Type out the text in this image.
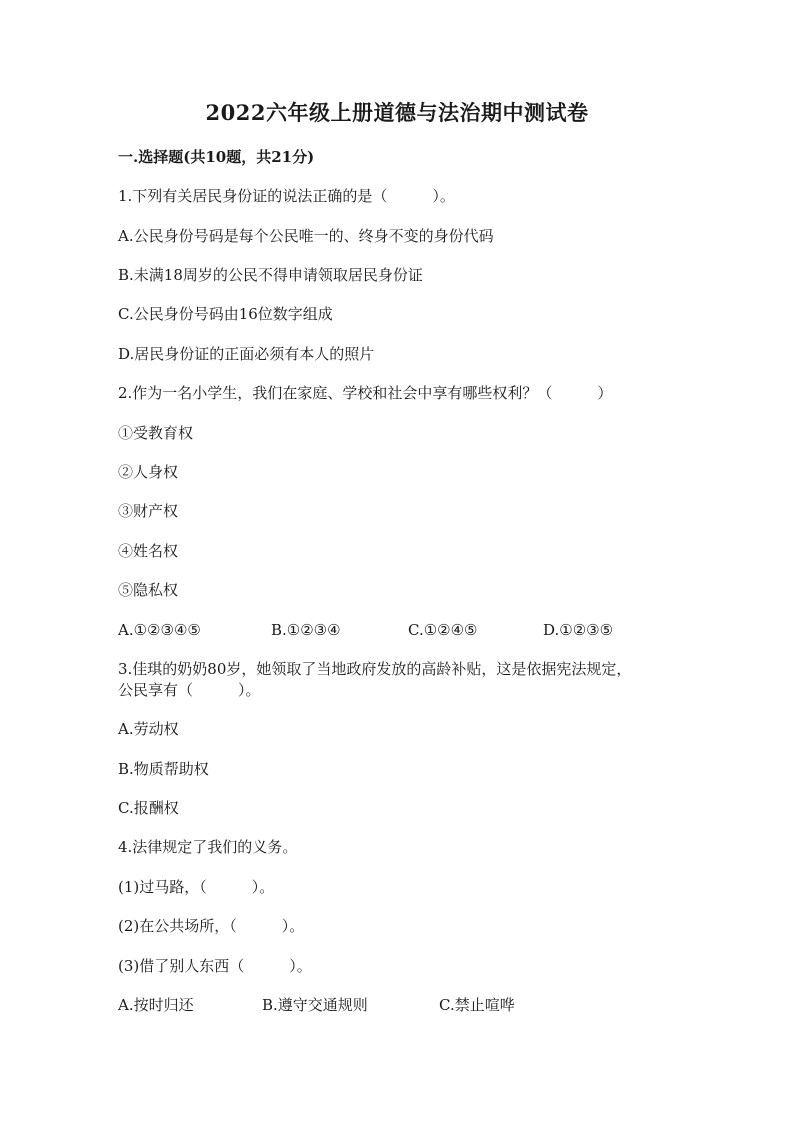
2022六年级上册道德与法治期中测试卷
一.选择题(共10题，共21分)
1.下列有关居民身份证的说法正确的是（　　　）。
A.公民身份号码是每个公民唯一的、终身不变的身份代码
B.未满18周岁的公民不得申请领取居民身份证
C.公民身份号码由16位数字组成
D.居民身份证的正面必须有本人的照片
2.作为一名小学生，我们在家庭、学校和社会中享有哪些权利？（　　　）
①受教育权
②人身权
③财产权
④姓名权
⑤隐私权
A.①②③④⑤	B.①②③④	C.①②④⑤	D.①②③⑤
3.佳琪的奶奶80岁，她领取了当地政府发放的高龄补贴，这是依据宪法规定，
公民享有（　　　）。
A.劳动权
B.物质帮助权
C.报酬权
4.法律规定了我们的义务。
(1)过马路，（　　　）。
(2)在公共场所，（　　　）。
(3)借了别人东西（　　　）。
A.按时归还	B.遵守交通规则	C.禁止喧哗
